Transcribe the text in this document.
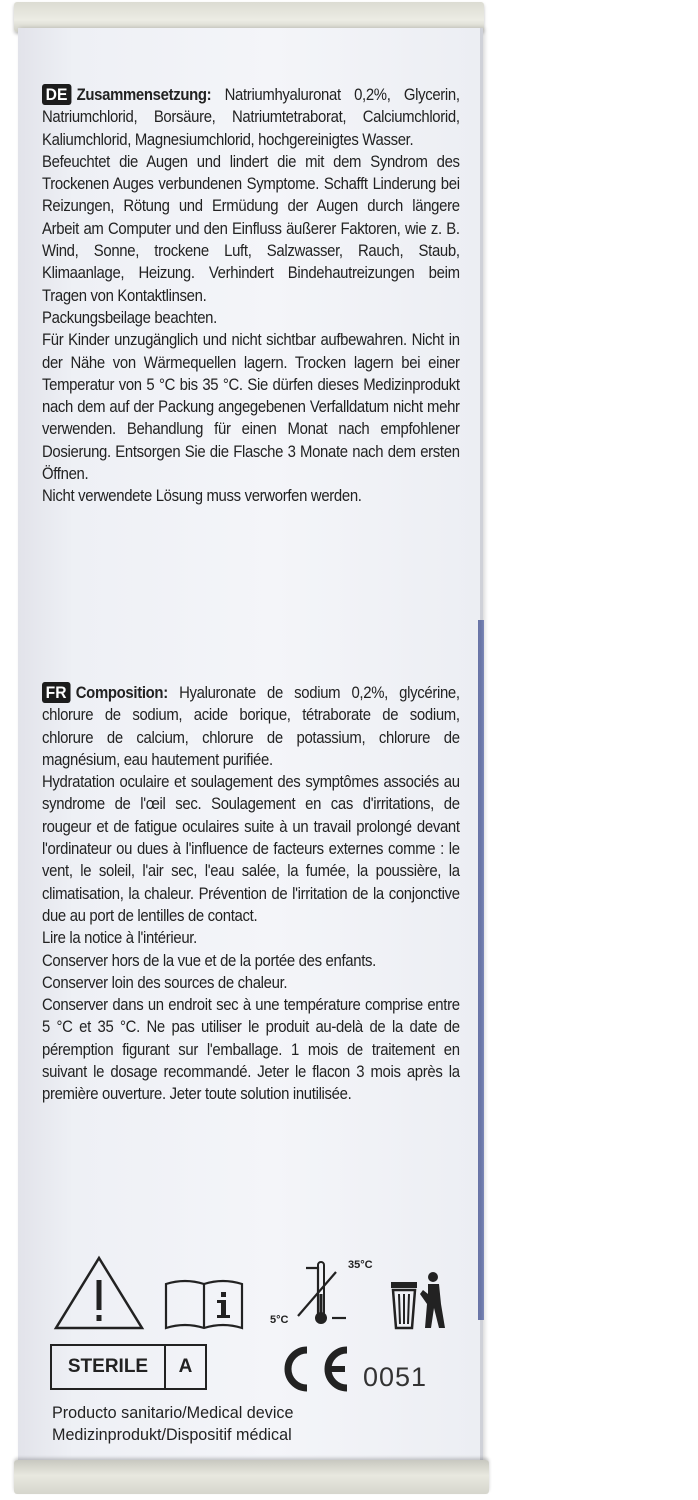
DE Zusammensetzung: Natriumhyaluronat 0,2%, Glycerin, Natriumchlorid, Borsäure, Natriumtetraborat, Calciumchlorid, Kaliumchlorid, Magnesiumchlorid, hochgereinigtes Wasser.

Befeuchtet die Augen und lindert die mit dem Syndrom des Trockenen Auges verbundenen Symptome. Schafft Linderung bei Reizungen, Rötung und Ermüdung der Augen durch längere Arbeit am Computer und den Einfluss äußerer Faktoren, wie z. B. Wind, Sonne, trockene Luft, Salzwasser, Rauch, Staub, Klimaanlage, Heizung. Verhindert Bindehautreizungen beim Tragen von Kontaktlinsen.

Packungsbeilage beachten.

Für Kinder unzugänglich und nicht sichtbar aufbewahren. Nicht in der Nähe von Wärmequellen lagern. Trocken lagern bei einer Temperatur von 5 °C bis 35 °C. Sie dürfen dieses Medizinprodukt nach dem auf der Packung angegebenen Verfalldatum nicht mehr verwenden. Behandlung für einen Monat nach empfohlener Dosierung. Entsorgen Sie die Flasche 3 Monate nach dem ersten Öffnen.

Nicht verwendete Lösung muss verworfen werden.

FR Composition: Hyaluronate de sodium 0,2%, glycérine, chlorure de sodium, acide borique, tétraborate de sodium, chlorure de calcium, chlorure de potassium, chlorure de magnésium, eau hautement purifiée.

Hydratation oculaire et soulagement des symptômes associés au syndrome de l'œil sec. Soulagement en cas d'irritations, de rougeur et de fatigue oculaires suite à un travail prolongé devant l'ordinateur ou dues à l'influence de facteurs externes comme : le vent, le soleil, l'air sec, l'eau salée, la fumée, la poussière, la climatisation, la chaleur. Prévention de l'irritation de la conjonctive due au port de lentilles de contact.

Lire la notice à l'intérieur.

Conserver hors de la vue et de la portée des enfants.

Conserver loin des sources de chaleur.

Conserver dans un endroit sec à une température comprise entre 5 °C et 35 °C. Ne pas utiliser le produit au-delà de la date de péremption figurant sur l'emballage. 1 mois de traitement en suivant le dosage recommandé. Jeter le flacon 3 mois après la première ouverture. Jeter toute solution inutilisée.

35°C
5°C
STERILE	A	0051
Producto sanitario/Medical device
Medizinprodukt/Dispositif médical
